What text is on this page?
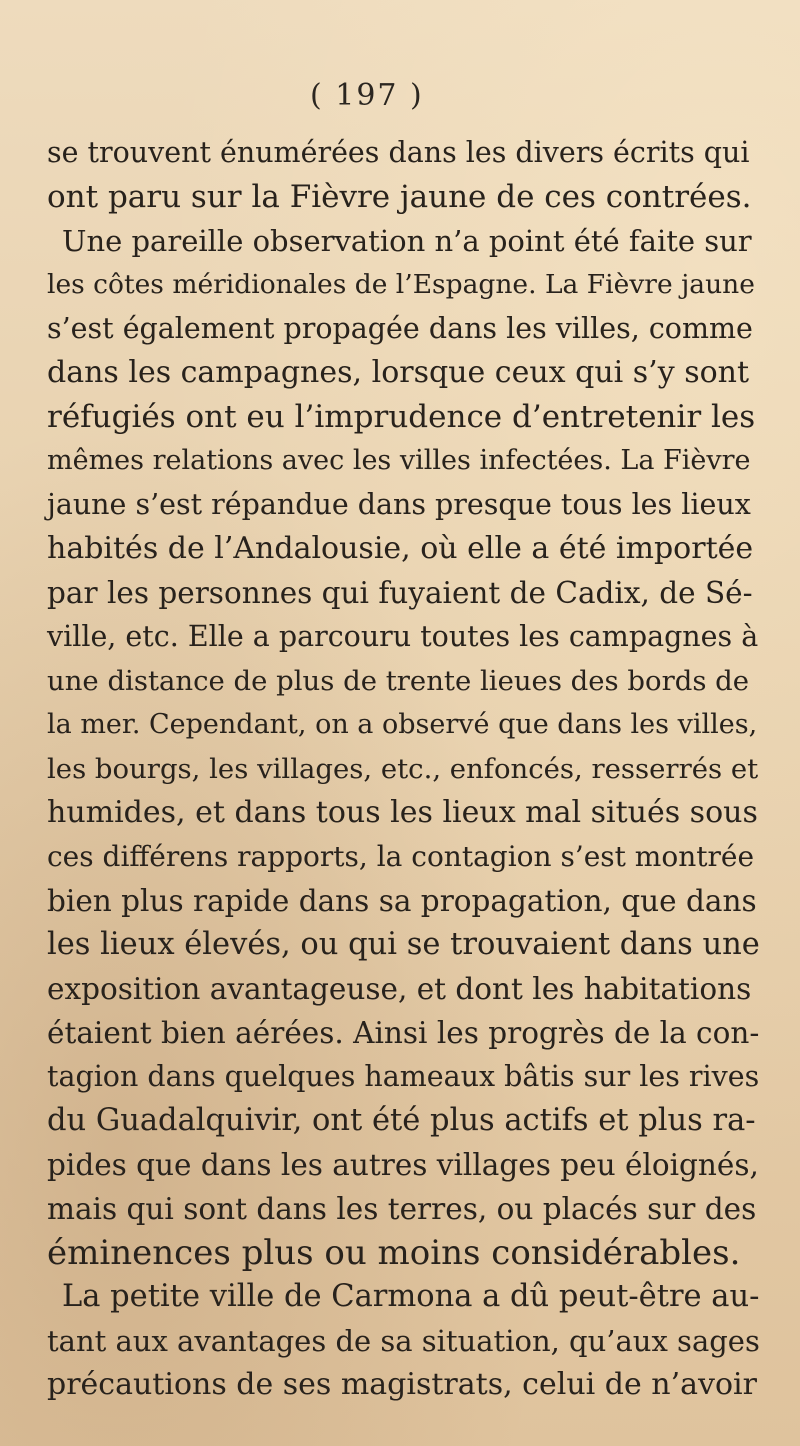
( 197 )
se trouvent énumérées dans les divers écrits qui
ont paru sur la Fièvre jaune de ces contrées.
Une pareille observation n’a point été faite sur
les côtes méridionales de l’Espagne. La Fièvre jaune
s’est également propagée dans les villes, comme
dans les campagnes, lorsque ceux qui s’y sont
réfugiés ont eu l’imprudence d’entretenir les
mêmes relations avec les villes infectées. La Fièvre
jaune s’est répandue dans presque tous les lieux
habités de l’Andalousie, où elle a été importée
par les personnes qui fuyaient de Cadix, de Sé-
ville, etc. Elle a parcouru toutes les campagnes à
une distance de plus de trente lieues des bords de
la mer. Cependant, on a observé que dans les villes,
les bourgs, les villages, etc., enfoncés, resserrés et
humides, et dans tous les lieux mal situés sous
ces différens rapports, la contagion s’est montrée
bien plus rapide dans sa propagation, que dans
les lieux élevés, ou qui se trouvaient dans une
exposition avantageuse, et dont les habitations
étaient bien aérées. Ainsi les progrès de la con-
tagion dans quelques hameaux bâtis sur les rives
du Guadalquivir, ont été plus actifs et plus ra-
pides que dans les autres villages peu éloignés,
mais qui sont dans les terres, ou placés sur des
éminences plus ou moins considérables.
La petite ville de Carmona a dû peut-être au-
tant aux avantages de sa situation, qu’aux sages
précautions de ses magistrats, celui de n’avoir
